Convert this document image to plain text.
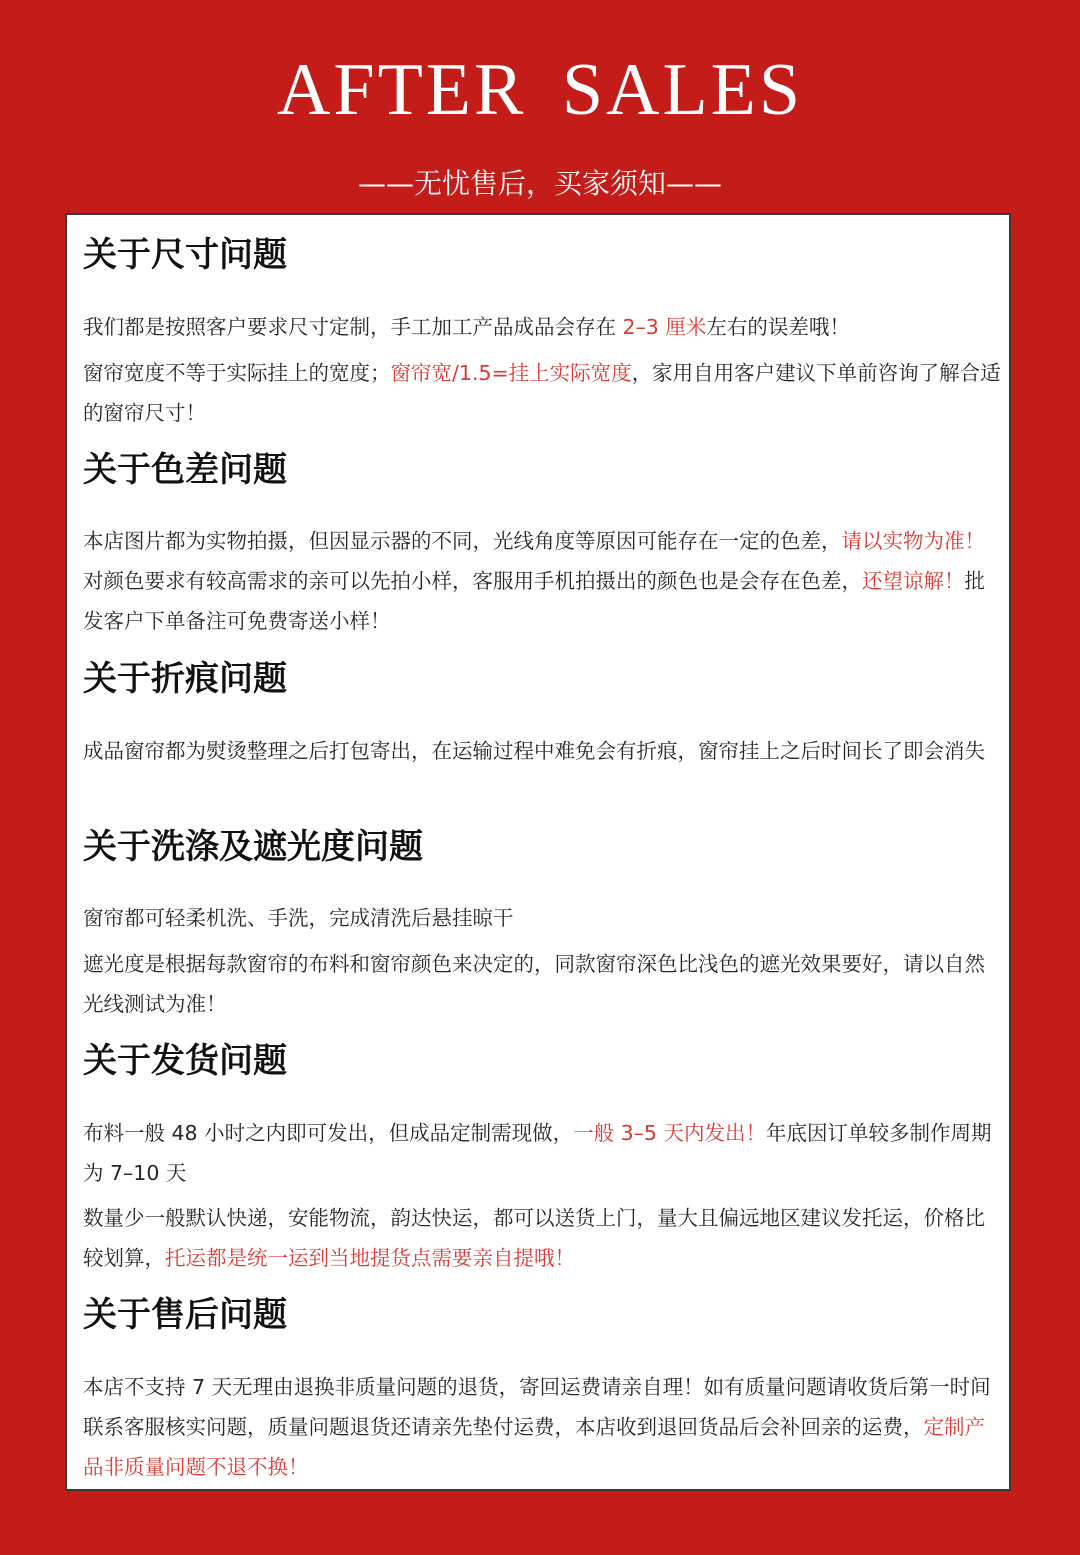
AFTER SALES
——无忧售后，买家须知——
关于尺寸问题

我们都是按照客户要求尺寸定制，手工加工产品成品会存在 2–3 厘米左右的误差哦！

窗帘宽度不等于实际挂上的宽度；窗帘宽/1.5=挂上实际宽度，家用自用客户建议下单前咨询了解合适的窗帘尺寸！

关于色差问题

本店图片都为实物拍摄，但因显示器的不同，光线角度等原因可能存在一定的色差，请以实物为准！对颜色要求有较高需求的亲可以先拍小样，客服用手机拍摄出的颜色也是会存在色差，还望谅解！批发客户下单备注可免费寄送小样！

关于折痕问题

成品窗帘都为熨烫整理之后打包寄出，在运输过程中难免会有折痕，窗帘挂上之后时间长了即会消失

关于洗涤及遮光度问题

窗帘都可轻柔机洗、手洗，完成清洗后悬挂晾干

遮光度是根据每款窗帘的布料和窗帘颜色来决定的，同款窗帘深色比浅色的遮光效果要好，请以自然光线测试为准！

关于发货问题

布料一般 48 小时之内即可发出，但成品定制需现做，一般 3–5 天内发出！年底因订单较多制作周期为 7–10 天

数量少一般默认快递，安能物流，韵达快运，都可以送货上门，量大且偏远地区建议发托运，价格比较划算，托运都是统一运到当地提货点需要亲自提哦！

关于售后问题

本店不支持 7 天无理由退换非质量问题的退货，寄回运费请亲自理！如有质量问题请收货后第一时间联系客服核实问题，质量问题退货还请亲先垫付运费，本店收到退回货品后会补回亲的运费，定制产品非质量问题不退不换！
